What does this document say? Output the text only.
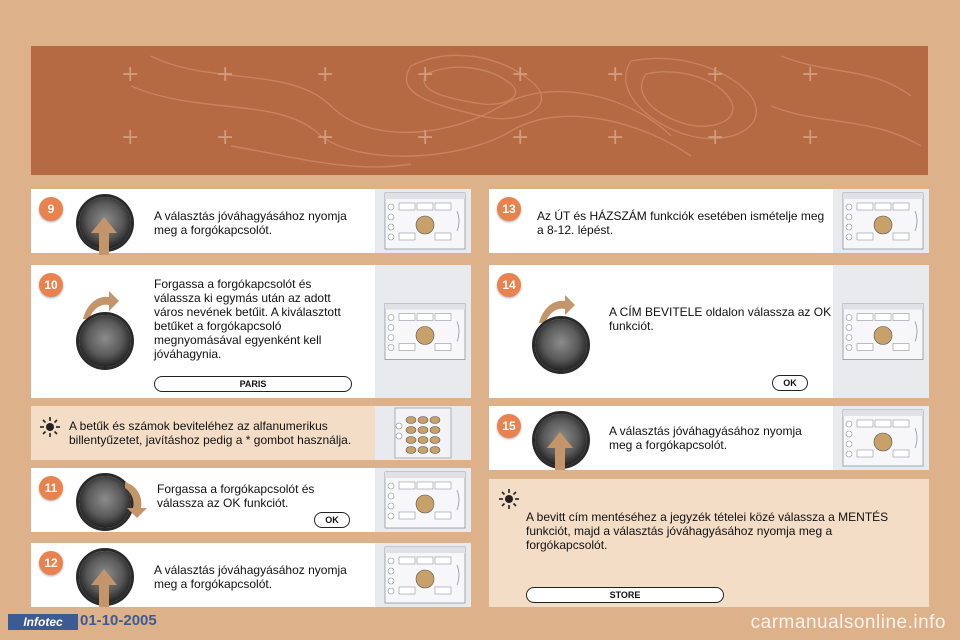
+	+	+	+	+	+	+	+
+	+	+	+	+	+	+	+
A választás jóváhagyásához nyomja meg a forgókapcsolót.
9
Forgassa a forgókapcsolót és válassza ki egymás után az adott város nevének betűit. A kiválasztott betűket a forgókapcsoló megnyomásával egyenként kell jóváhagynia.
PARIS
10
A betűk és számok beviteléhez az alfanumerikus billentyűzetet, javításhoz pedig a * gombot használja.
Forgassa a forgókapcsolót és válassza az OK funkciót.
OK
11
A választás jóváhagyásához nyomja meg a forgókapcsolót.
12
Az ÚT és HÁZSZÁM funkciók esetében ismételje meg a 8-12. lépést.
13
A CÍM BEVITELE oldalon válassza az OK funkciót.
OK
14
A választás jóváhagyásához nyomja meg a forgókapcsolót.
15
A bevitt cím mentéséhez a jegyzék tételei közé válassza a MENTÉS funkciót, majd a választás jóváhagyásához nyomja meg a forgókapcsolót.
STORE
Infotec	01-10-2005	carmanualsonline.info
